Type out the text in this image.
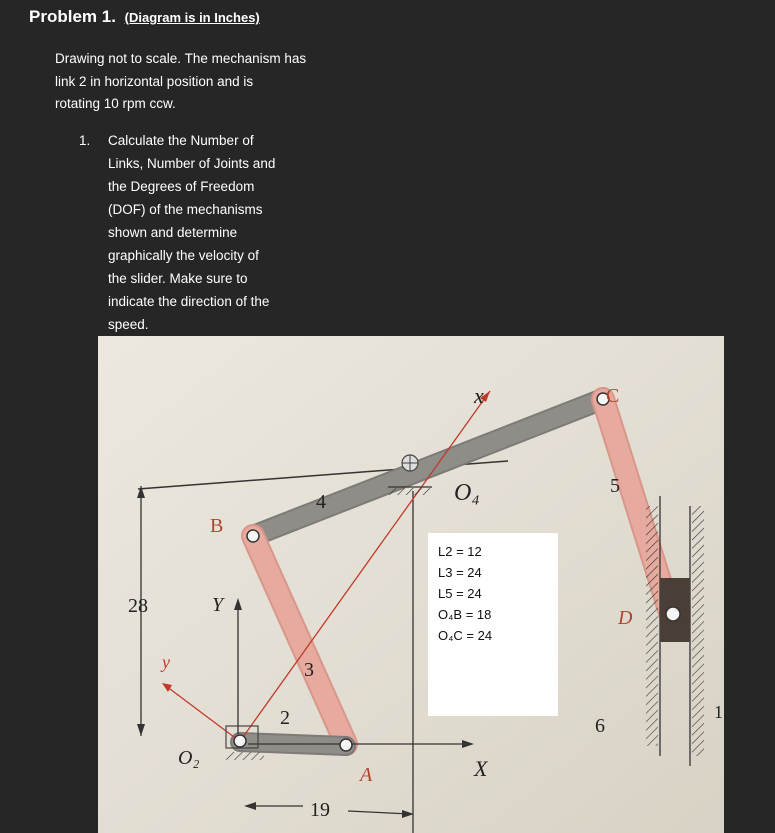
Problem 1. (Diagram is in Inches)
Drawing not to scale. The mechanism has
link 2 in horizontal position and is
rotating 10 rpm ccw.
1. Calculate the Number of
Links, Number of Joints and
the Degrees of Freedom
(DOF) of the mechanisms
shown and determine
graphically the velocity of
the slider. Make sure to
indicate the direction of the
speed.
B
C
D
A
O₂
O₄
x
X
Y
y
2
3
4
5
6
28
19
1
L2 = 12
L3 = 24
L5 = 24
O₄B = 18
O₄C = 24
